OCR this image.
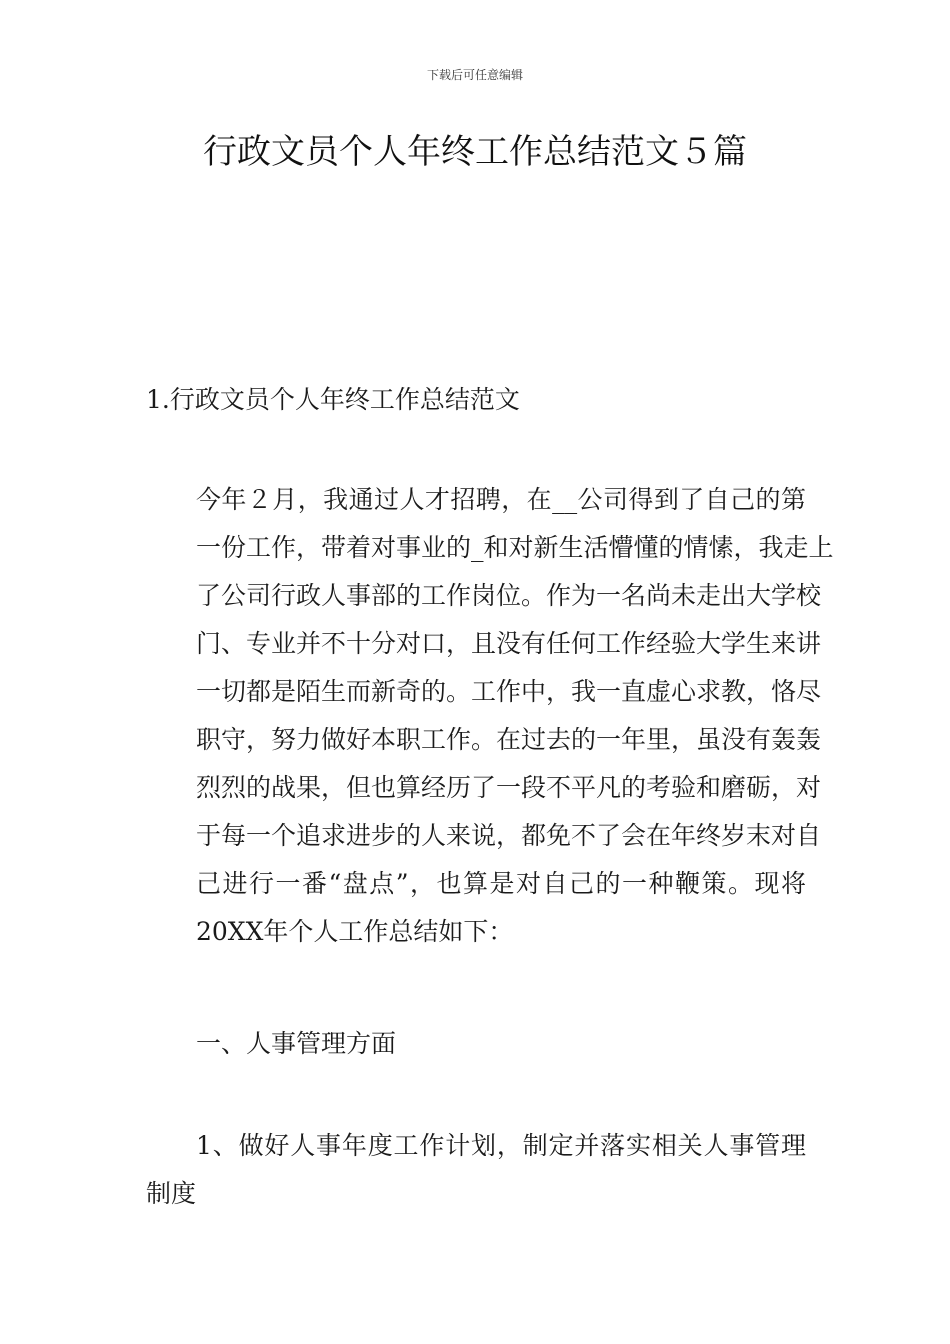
下载后可任意编辑
行政文员个人年终工作总结范文５篇
1.行政文员个人年终工作总结范文
今年２月，我通过人才招聘，在__公司得到了自己的第
一份工作，带着对事业的_和对新生活懵懂的情愫，我走上
了公司行政人事部的工作岗位。作为一名尚未走出大学校
门、专业并不十分对口，且没有任何工作经验大学生来讲
一切都是陌生而新奇的。工作中，我一直虚心求教，恪尽
职守，努力做好本职工作。在过去的一年里，虽没有轰轰
烈烈的战果，但也算经历了一段不平凡的考验和磨砺，对
于每一个追求进步的人来说，都免不了会在年终岁末对自
己进行一番“盘点”，也算是对自己的一种鞭策。现将
20XX年个人工作总结如下：
一、人事管理方面
1、做好人事年度工作计划，制定并落实相关人事管理
制度
